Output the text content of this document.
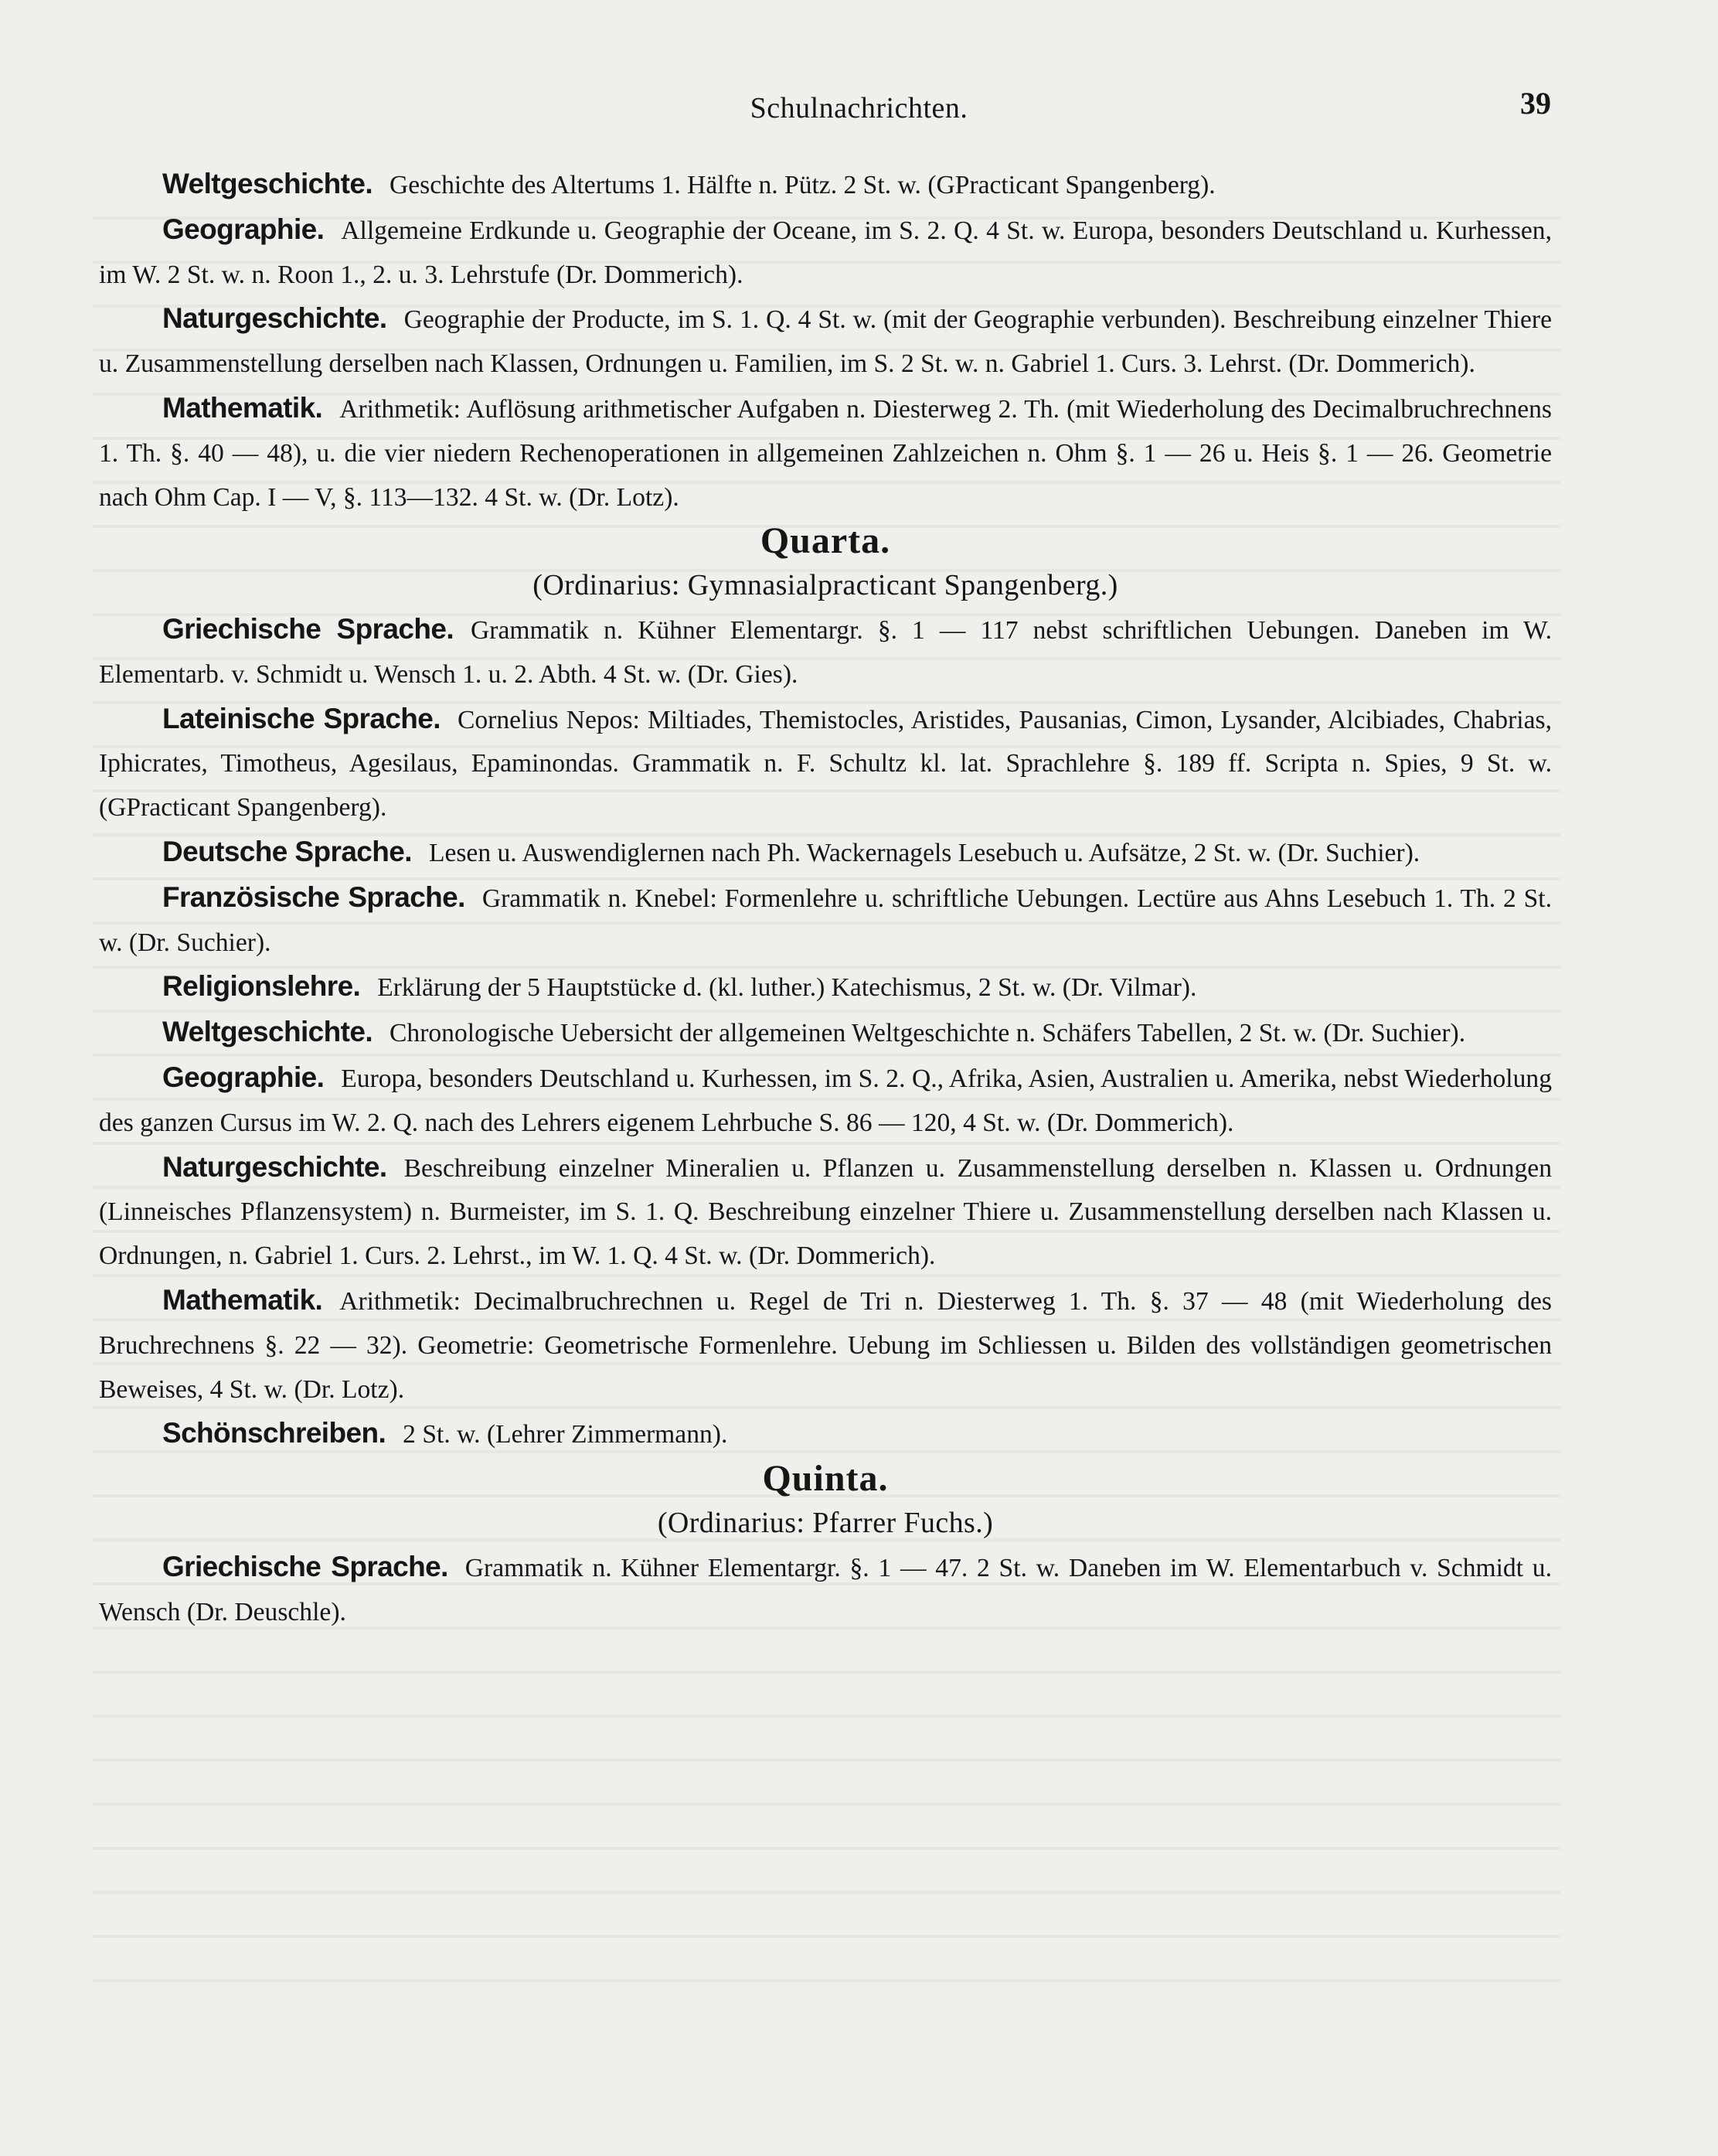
Schulnachrichten.	39

Weltgeschichte. Geschichte des Altertums 1. Hälfte n. Pütz. 2 St. w. (GPracticant Spangenberg).

Geographie. Allgemeine Erdkunde u. Geographie der Oceane, im S. 2. Q. 4 St. w. Europa, besonders Deutschland u. Kurhessen, im W. 2 St. w. n. Roon 1., 2. u. 3. Lehrstufe (Dr. Dommerich).

Naturgeschichte. Geographie der Producte, im S. 1. Q. 4 St. w. (mit der Geographie verbunden). Beschreibung einzelner Thiere u. Zusammenstellung derselben nach Klassen, Ordnungen u. Familien, im S. 2 St. w. n. Gabriel 1. Curs. 3. Lehrst. (Dr. Dommerich).

Mathematik. Arithmetik: Auflösung arithmetischer Aufgaben n. Diesterweg 2. Th. (mit Wiederholung des Decimalbruchrechnens 1. Th. §. 40 — 48), u. die vier niedern Rechenoperationen in allgemeinen Zahlzeichen n. Ohm §. 1 — 26 u. Heis §. 1 — 26. Geometrie nach Ohm Cap. I — V, §. 113—132. 4 St. w. (Dr. Lotz).

Quarta.

(Ordinarius: Gymnasialpracticant Spangenberg.)

Griechische Sprache. Grammatik n. Kühner Elementargr. §. 1 — 117 nebst schriftlichen Uebungen. Daneben im W. Elementarb. v. Schmidt u. Wensch 1. u. 2. Abth. 4 St. w. (Dr. Gies).

Lateinische Sprache. Cornelius Nepos: Miltiades, Themistocles, Aristides, Pausanias, Cimon, Lysander, Alcibiades, Chabrias, Iphicrates, Timotheus, Agesilaus, Epaminondas. Grammatik n. F. Schultz kl. lat. Sprachlehre §. 189 ff. Scripta n. Spies, 9 St. w. (GPracticant Spangenberg).

Deutsche Sprache. Lesen u. Auswendiglernen nach Ph. Wackernagels Lesebuch u. Aufsätze, 2 St. w. (Dr. Suchier).

Französische Sprache. Grammatik n. Knebel: Formenlehre u. schriftliche Uebungen. Lectüre aus Ahns Lesebuch 1. Th. 2 St. w. (Dr. Suchier).

Religionslehre. Erklärung der 5 Hauptstücke d. (kl. luther.) Katechismus, 2 St. w. (Dr. Vilmar).

Weltgeschichte. Chronologische Uebersicht der allgemeinen Weltgeschichte n. Schäfers Tabellen, 2 St. w. (Dr. Suchier).

Geographie. Europa, besonders Deutschland u. Kurhessen, im S. 2. Q., Afrika, Asien, Australien u. Amerika, nebst Wiederholung des ganzen Cursus im W. 2. Q. nach des Lehrers eigenem Lehrbuche S. 86 — 120, 4 St. w. (Dr. Dommerich).

Naturgeschichte. Beschreibung einzelner Mineralien u. Pflanzen u. Zusammenstellung derselben n. Klassen u. Ordnungen (Linneisches Pflanzensystem) n. Burmeister, im S. 1. Q. Beschreibung einzelner Thiere u. Zusammenstellung derselben nach Klassen u. Ordnungen, n. Gabriel 1. Curs. 2. Lehrst., im W. 1. Q. 4 St. w. (Dr. Dommerich).

Mathematik. Arithmetik: Decimalbruchrechnen u. Regel de Tri n. Diesterweg 1. Th. §. 37 — 48 (mit Wiederholung des Bruchrechnens §. 22 — 32). Geometrie: Geometrische Formenlehre. Uebung im Schliessen u. Bilden des vollständigen geometrischen Beweises, 4 St. w. (Dr. Lotz).

Schönschreiben. 2 St. w. (Lehrer Zimmermann).

Quinta.

(Ordinarius: Pfarrer Fuchs.)

Griechische Sprache. Grammatik n. Kühner Elementargr. §. 1 — 47. 2 St. w. Daneben im W. Elementarbuch v. Schmidt u. Wensch (Dr. Deuschle).
